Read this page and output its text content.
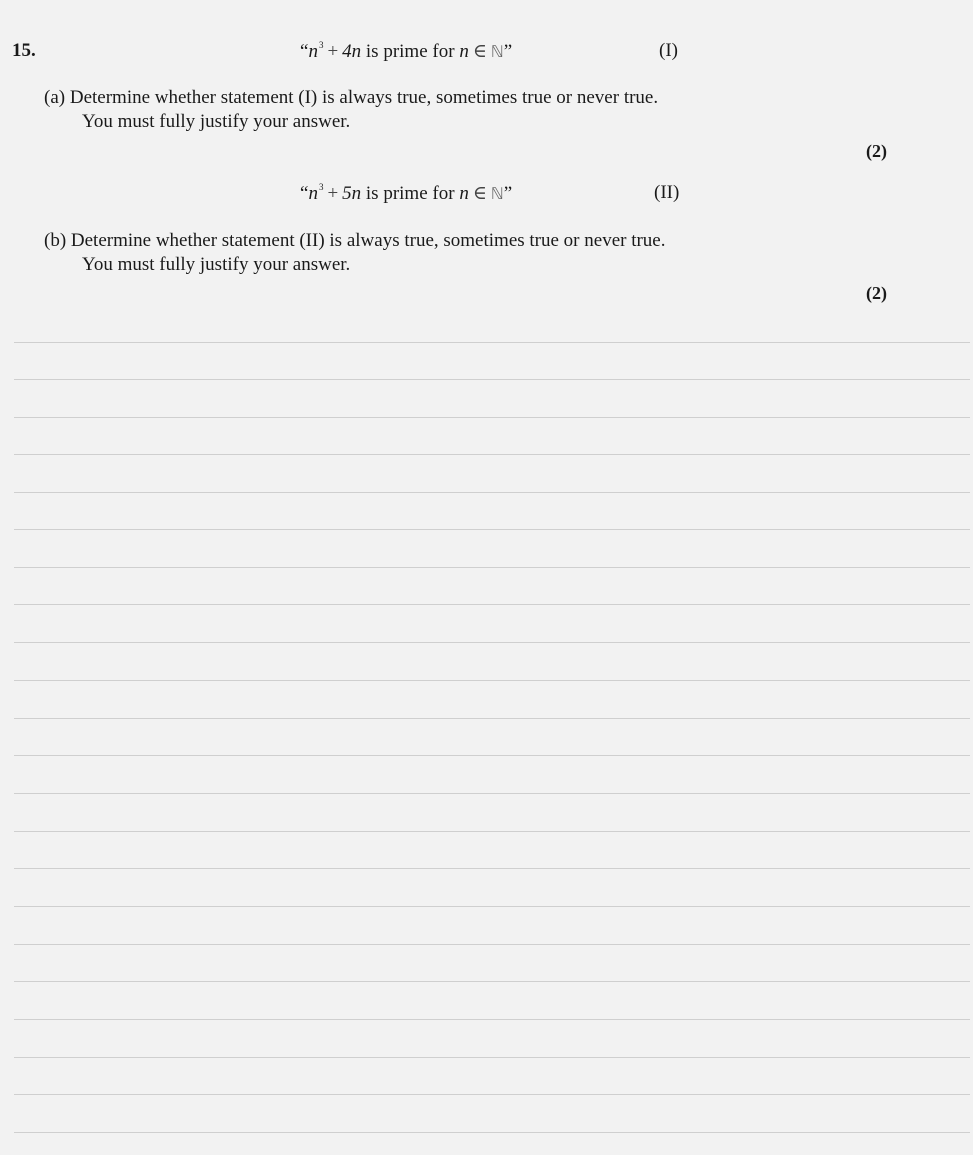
15.	“$n^3 + 4n$ is prime for n ∈ ℕ”	(I)
(a) Determine whether statement (I) is always true, sometimes true or never true.
You must fully justify your answer.
(2)
“$n^3 + 5n$ is prime for n ∈ ℕ”	(II)
(b) Determine whether statement (II) is always true, sometimes true or never true.
You must fully justify your answer.
(2)
